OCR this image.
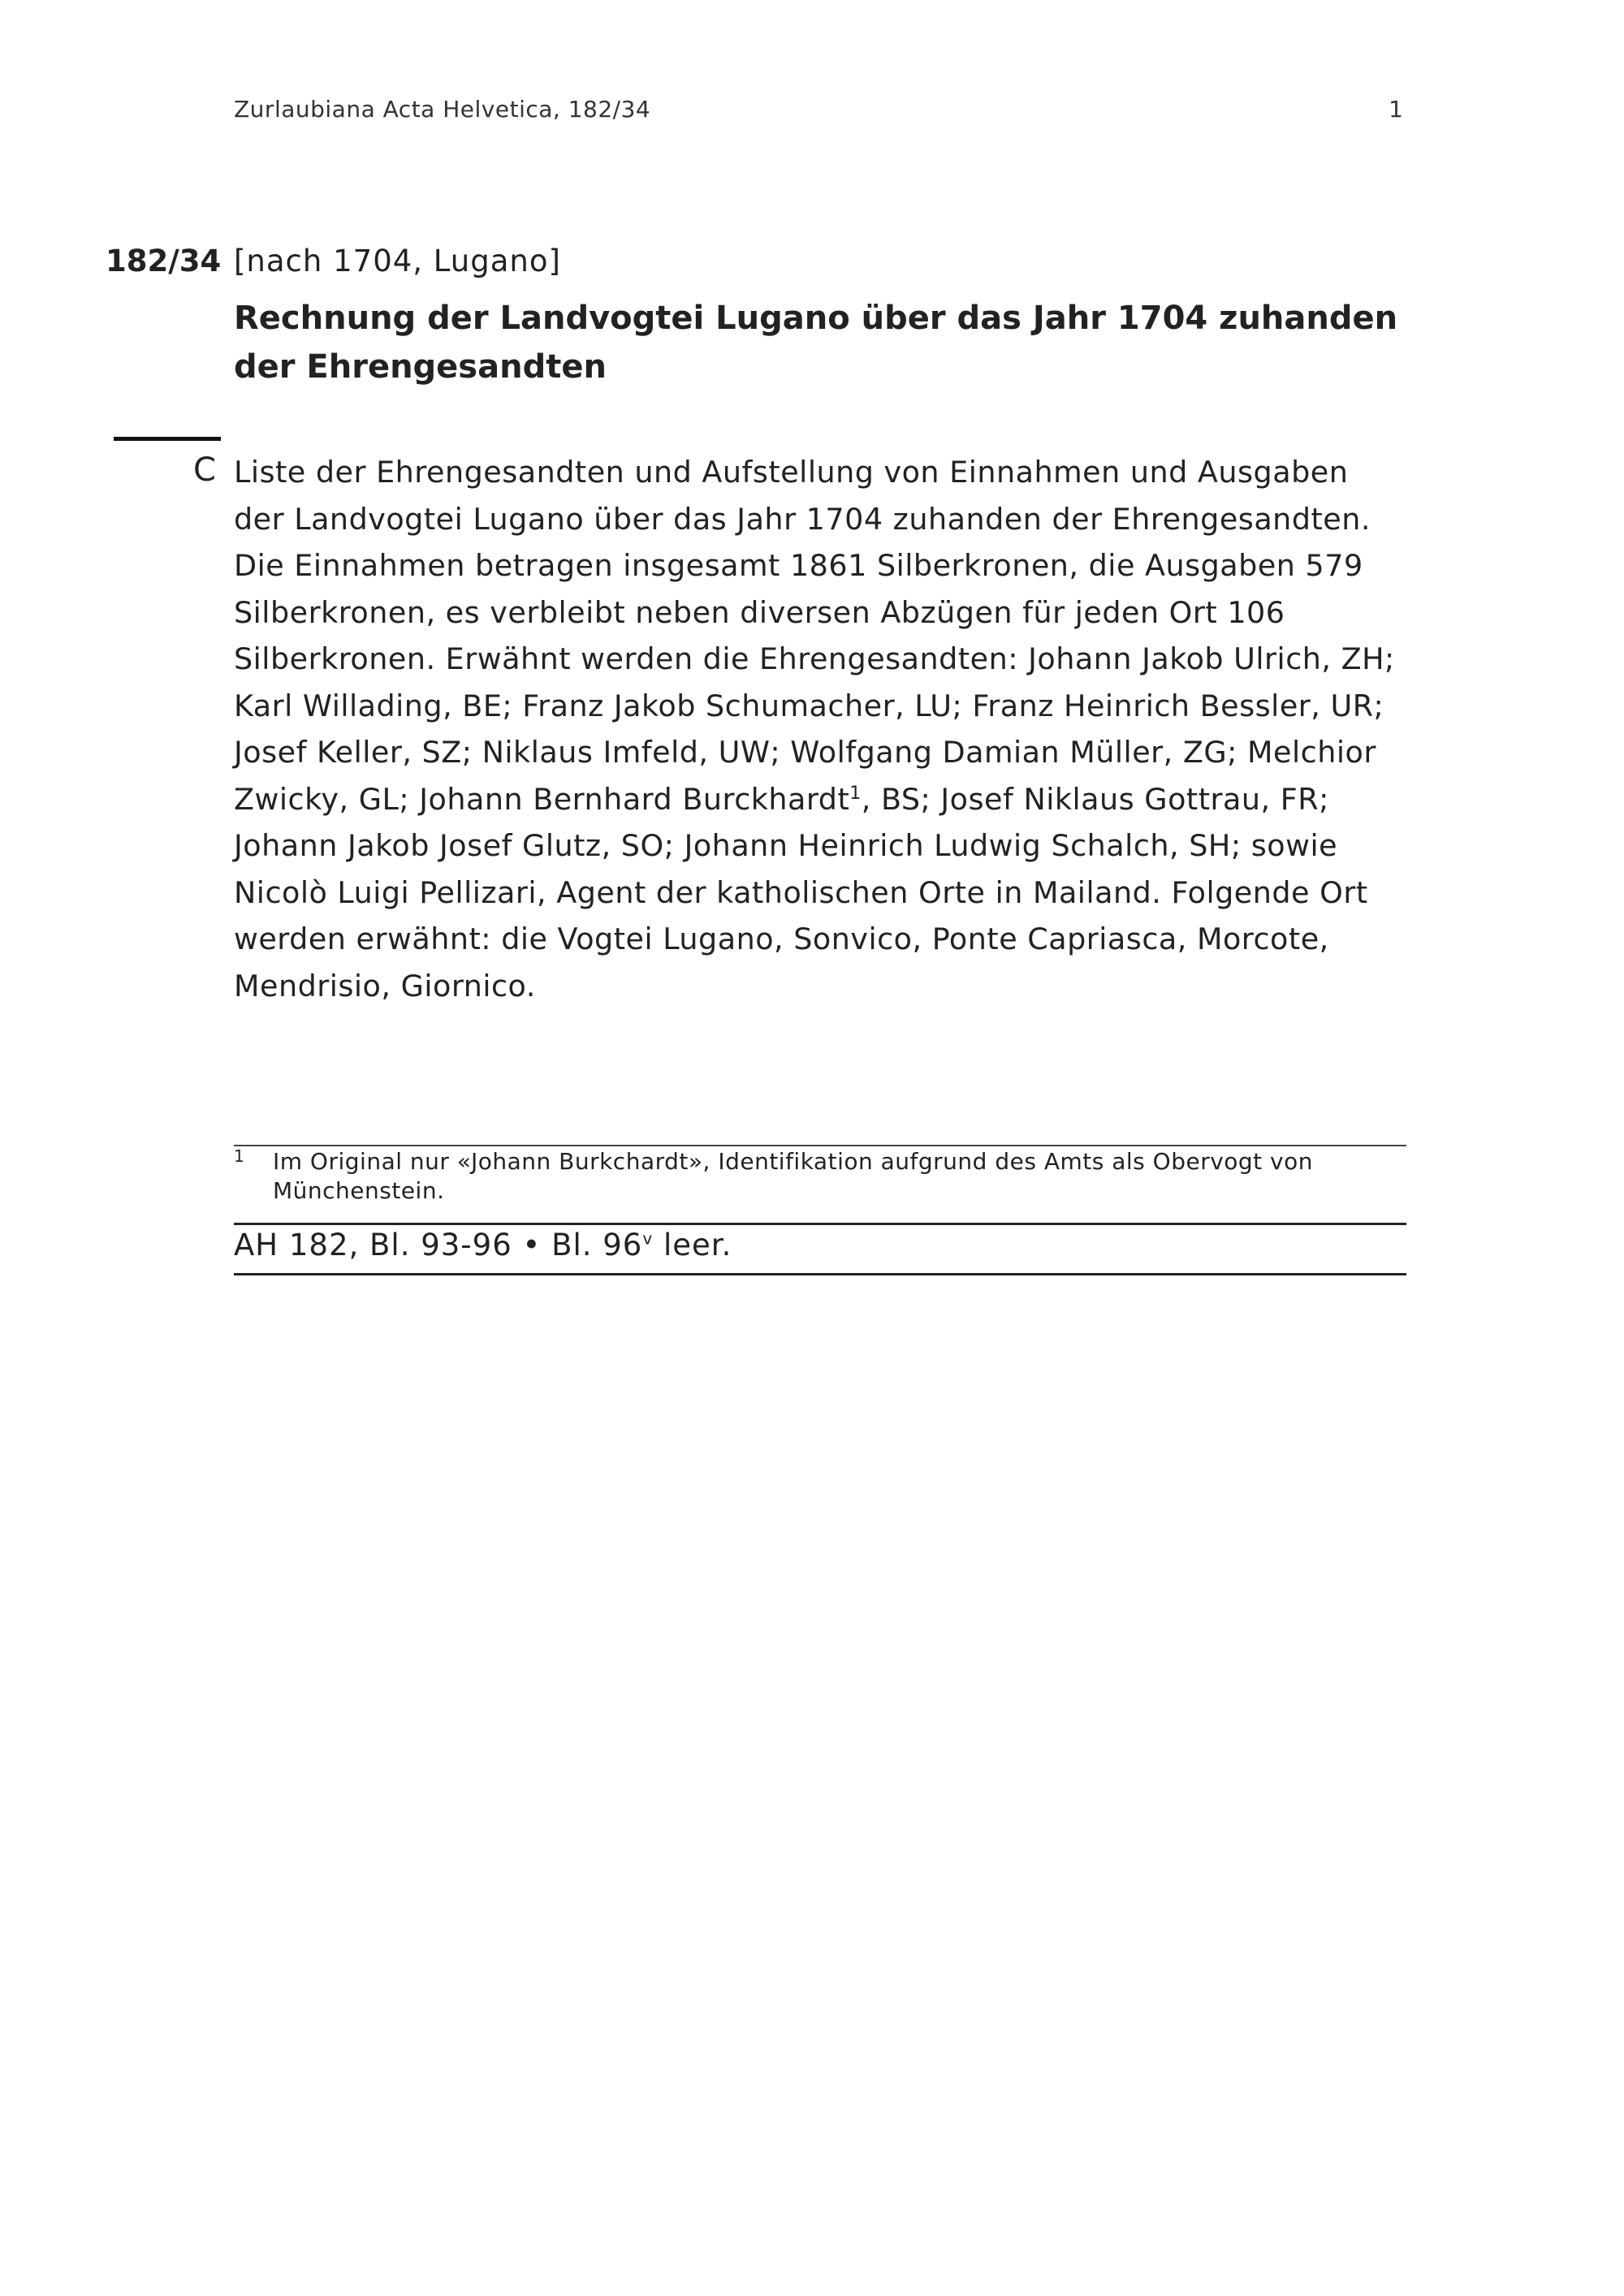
Zurlaubiana Acta Helvetica, 182/34	1
182/34 [nach 1704, Lugano]
Rechnung der Landvogtei Lugano über das Jahr 1704 zuhanden der Ehrengesandten
C Liste der Ehrengesandten und Aufstellung von Einnahmen und Ausgaben der Landvogtei Lugano über das Jahr 1704 zuhanden der Ehrengesandten. Die Einnahmen betragen insgesamt 1861 Silberkronen, die Ausgaben 579 Silberkronen, es verbleibt neben diversen Abzügen für jeden Ort 106 Silberkronen. Erwähnt werden die Ehrengesandten: Johann Jakob Ulrich, ZH; Karl Willading, BE; Franz Jakob Schumacher, LU; Franz Heinrich Bessler, UR; Josef Keller, SZ; Niklaus Imfeld, UW; Wolfgang Damian Müller, ZG; Melchior Zwicky, GL; Johann Bernhard Burckhardt$^1$, BS; Josef Niklaus Gottrau, FR; Johann Jakob Josef Glutz, SO; Johann Heinrich Ludwig Schalch, SH; sowie Nicolò Luigi Pellizari, Agent der katholischen Orte in Mailand. Folgende Ort werden erwähnt: die Vogtei Lugano, Sonvico, Ponte Capriasca, Morcote, Mendrisio, Giornico.

1 Im Original nur «Johann Burkchardt», Identifikation aufgrund des Amts als Obervogt von Münchenstein.
AH 182, Bl. 93-96 • Bl. 96$^v$ leer.
